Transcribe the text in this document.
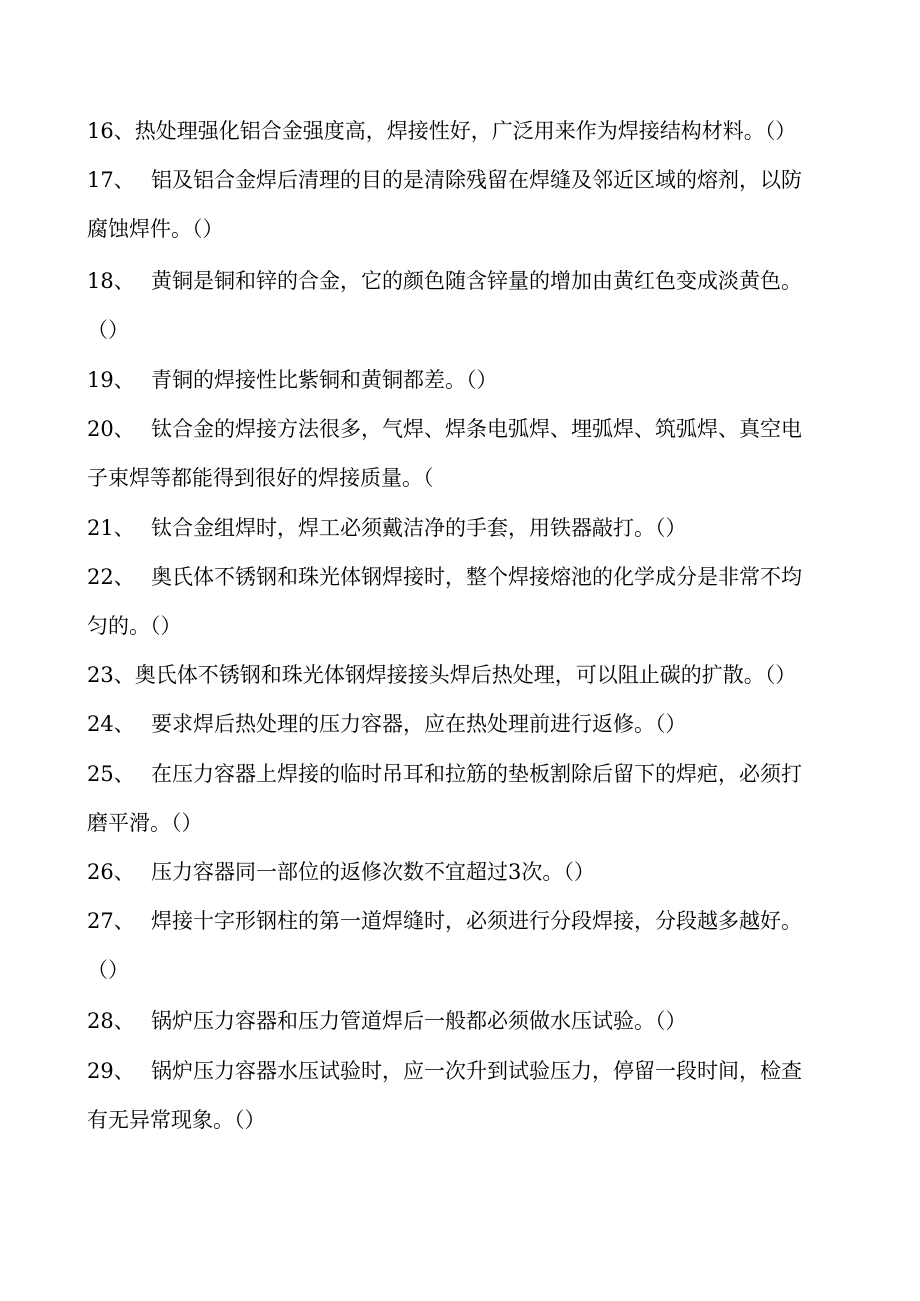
16、热处理强化铝合金强度高，焊接性好，广泛用来作为焊接结构材料。（）
17、 铝及铝合金焊后清理的目的是清除残留在焊缝及邻近区域的熔剂，以防
腐蚀焊件。（）
18、 黄铜是铜和锌的合金，它的颜色随含锌量的增加由黄红色变成淡黄色。
（）
19、 青铜的焊接性比紫铜和黄铜都差。（）
20、 钛合金的焊接方法很多，气焊、焊条电弧焊、埋弧焊、筑弧焊、真空电
子束焊等都能得到很好的焊接质量。（
21、 钛合金组焊时，焊工必须戴洁净的手套，用铁器敲打。（）
22、 奥氏体不锈钢和珠光体钢焊接时，整个焊接熔池的化学成分是非常不均
匀的。（）
23、奥氏体不锈钢和珠光体钢焊接接头焊后热处理，可以阻止碳的扩散。（）
24、 要求焊后热处理的压力容器，应在热处理前进行返修。（）
25、 在压力容器上焊接的临时吊耳和拉筋的垫板割除后留下的焊疤，必须打
磨平滑。（）
26、 压力容器同一部位的返修次数不宜超过3次。（）
27、 焊接十字形钢柱的第一道焊缝时，必须进行分段焊接，分段越多越好。
（）
28、 锅炉压力容器和压力管道焊后一般都必须做水压试验。（）
29、 锅炉压力容器水压试验时，应一次升到试验压力，停留一段时间，检查
有无异常现象。（）
